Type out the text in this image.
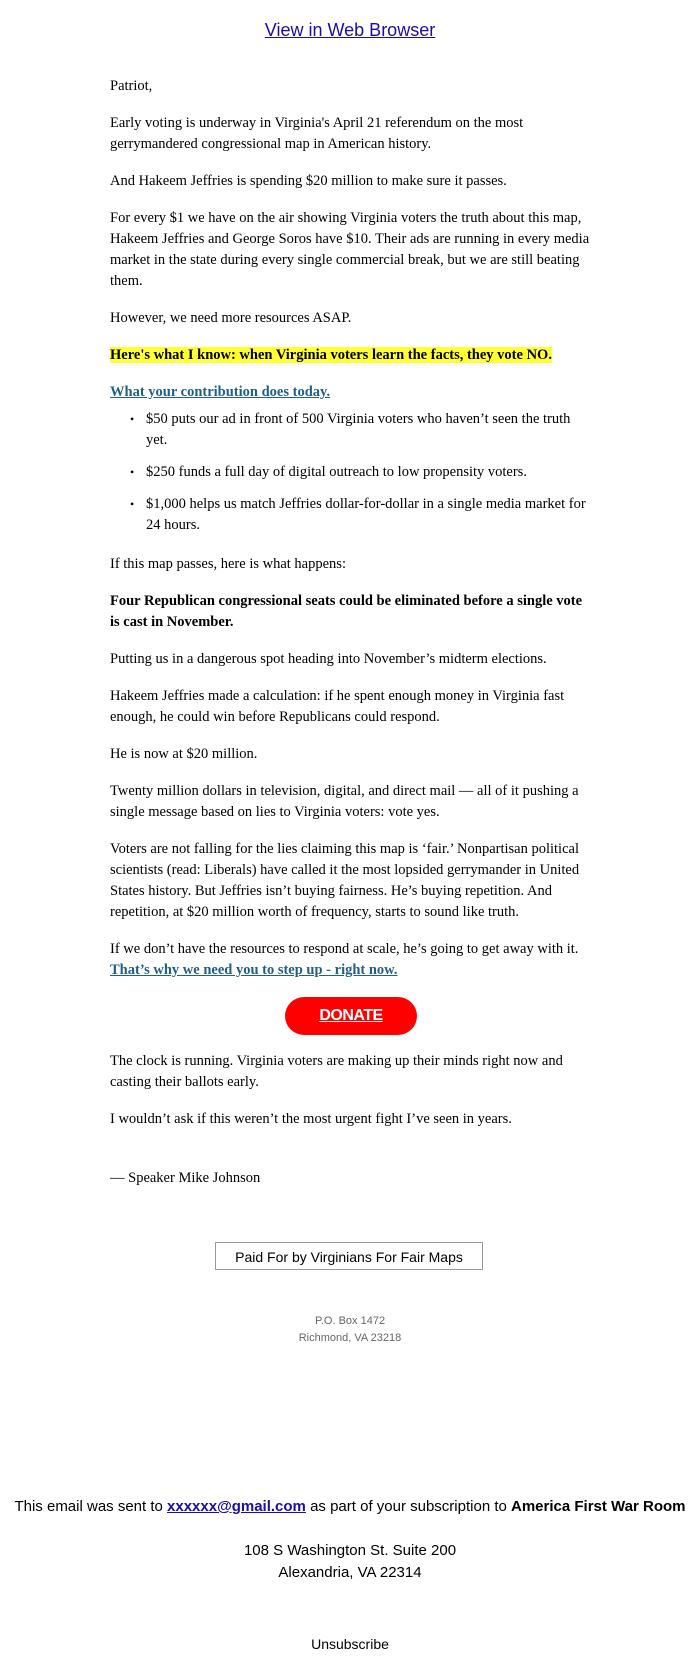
View in Web Browser

Patriot,

Early voting is underway in Virginia's April 21 referendum on the most gerrymandered congressional map in American history.

And Hakeem Jeffries is spending $20 million to make sure it passes.

For every $1 we have on the air showing Virginia voters the truth about this map, Hakeem Jeffries and George Soros have $10. Their ads are running in every media market in the state during every single commercial break, but we are still beating them.

However, we need more resources ASAP.

Here's what I know: when Virginia voters learn the facts, they vote NO.

What your contribution does today.

• $50 puts our ad in front of 500 Virginia voters who haven’t seen the truth yet.
• $250 funds a full day of digital outreach to low propensity voters.
• $1,000 helps us match Jeffries dollar-for-dollar in a single media market for 24 hours.

If this map passes, here is what happens:

Four Republican congressional seats could be eliminated before a single vote is cast in November.

Putting us in a dangerous spot heading into November’s midterm elections.

Hakeem Jeffries made a calculation: if he spent enough money in Virginia fast enough, he could win before Republicans could respond.

He is now at $20 million.

Twenty million dollars in television, digital, and direct mail — all of it pushing a single message based on lies to Virginia voters: vote yes.

Voters are not falling for the lies claiming this map is ‘fair.’ Nonpartisan political scientists (read: Liberals) have called it the most lopsided gerrymander in United States history. But Jeffries isn’t buying fairness. He’s buying repetition. And repetition, at $20 million worth of frequency, starts to sound like truth.

If we don’t have the resources to respond at scale, he’s going to get away with it.
That’s why we need you to step up - right now.

DONATE

The clock is running. Virginia voters are making up their minds right now and casting their ballots early.

I wouldn’t ask if this weren’t the most urgent fight I’ve seen in years.

— Speaker Mike Johnson

Paid For by Virginians For Fair Maps
P.O. Box 1472
Richmond, VA 23218
This email was sent to xxxxxx@gmail.com as part of your subscription to America First War Room
108 S Washington St. Suite 200
Alexandria, VA 22314
Unsubscribe
